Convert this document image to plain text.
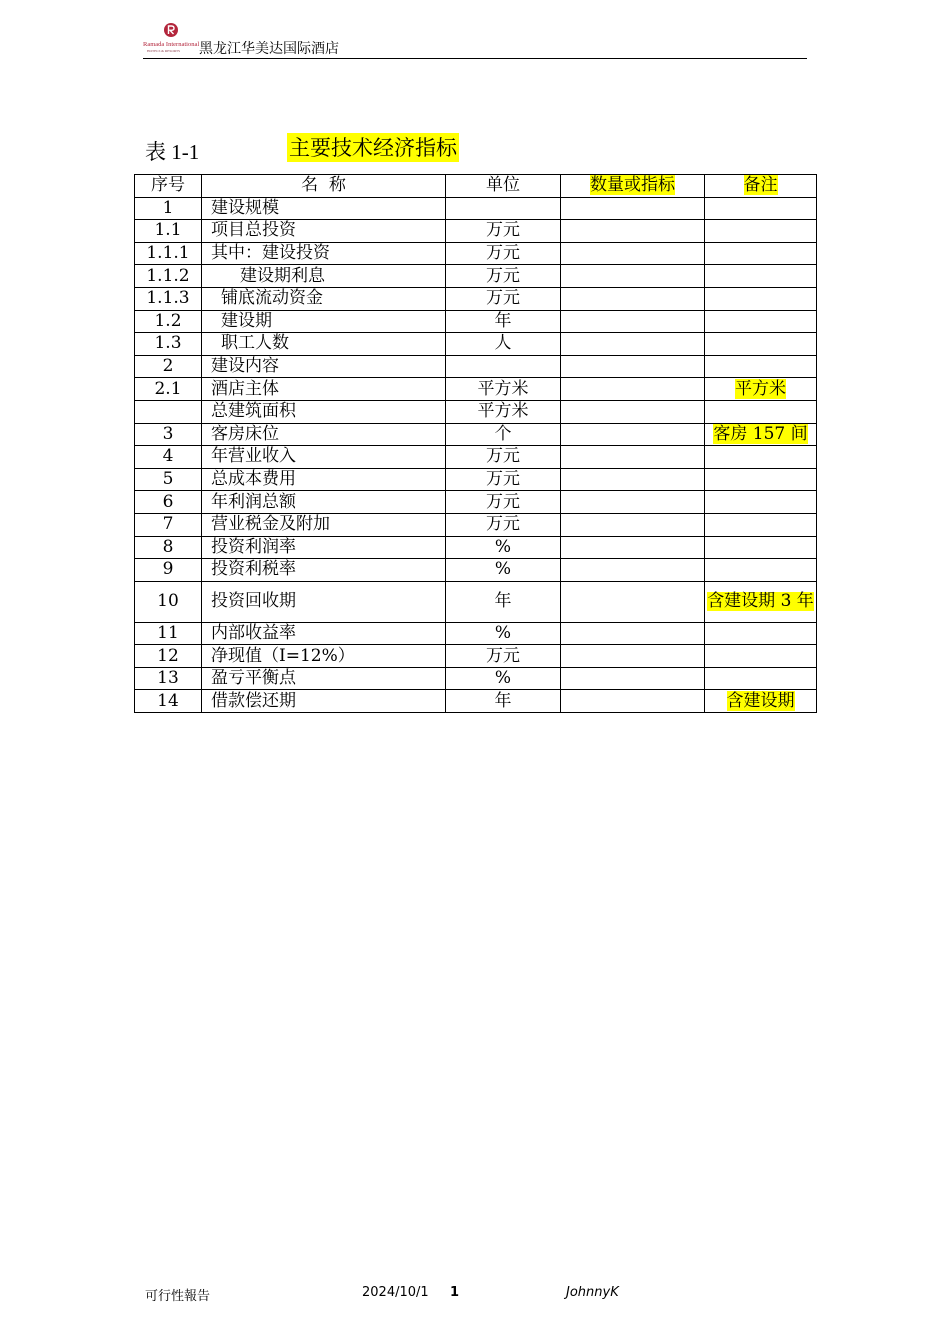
Ramada International
HOTELS & RESORTS 黑龙江华美达国际酒店
表 1-1	主要技术经济指标
序号	名  称	单位	数量或指标	备注
1	建设规模			
1.1	项目总投资	万元		
1.1.1	其中：建设投资	万元		
1.1.2	建设期利息	万元		
1.1.3	铺底流动资金	万元		
1.2	建设期	年		
1.3	职工人数	人		
2	建设内容			
2.1	酒店主体	平方米		平方米
	总建筑面积	平方米		
3	客房床位	个		客房 157 间
4	年营业收入	万元		
5	总成本费用	万元		
6	年利润总额	万元		
7	营业税金及附加	万元		
8	投资利润率	%		
9	投资利税率	%		
10	投资回收期	年		含建设期 3 年
11	内部收益率	%		
12	净现值（I=12%）	万元		
13	盈亏平衡点	%		
14	借款偿还期	年		含建设期
可行性報告	2024/10/1 1	JohnnyK
